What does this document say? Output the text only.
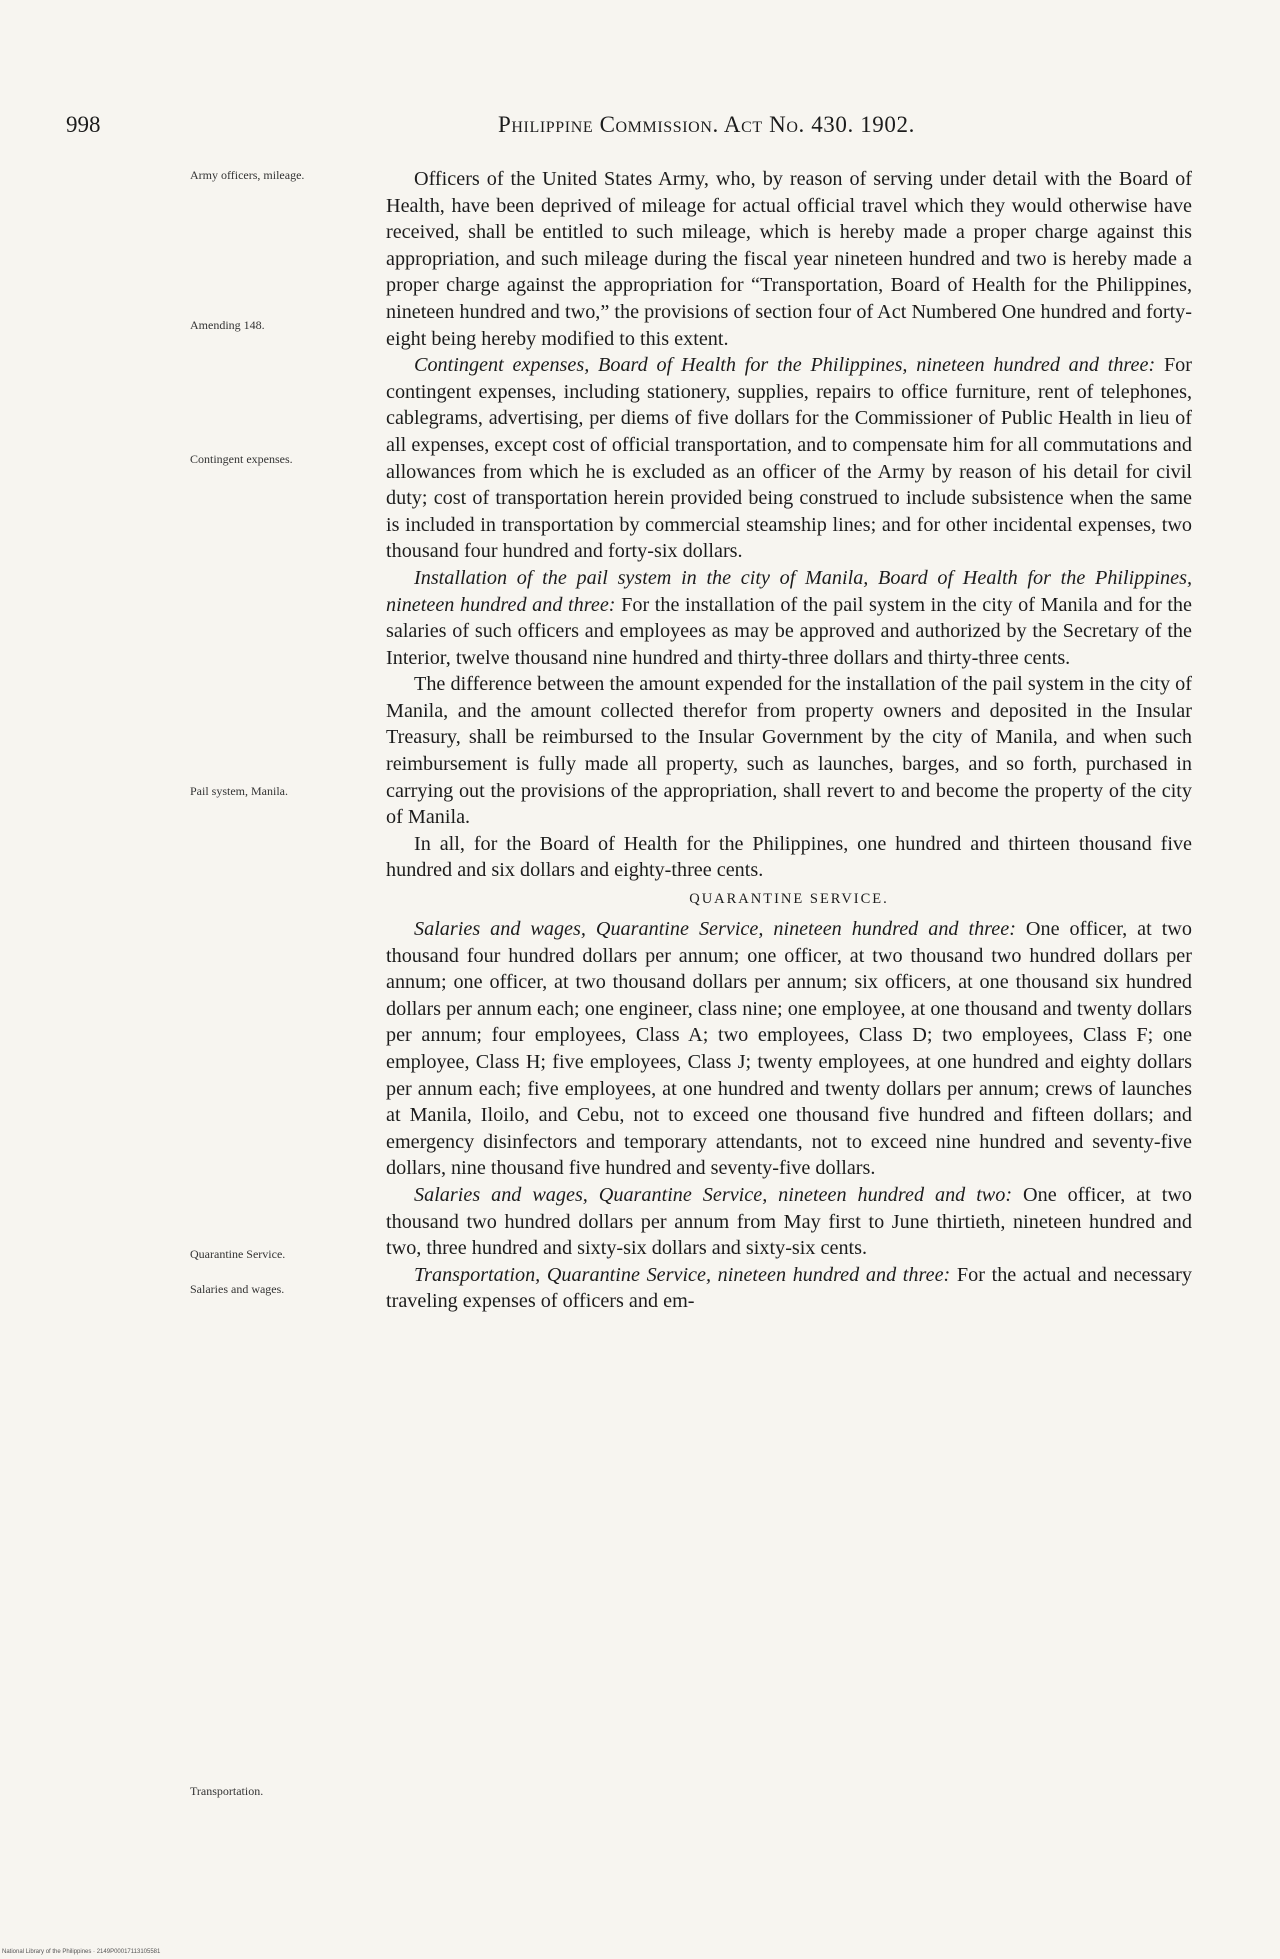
998	Philippine Commission. Act No. 430. 1902.
Army officers, mileage.
Amending 148.
Contingent expenses.
Pail system, Manila.
Quarantine Service.
Salaries and wages.
Transportation.

Officers of the United States Army, who, by reason of serving under detail with the Board of Health, have been deprived of mileage for actual official travel which they would otherwise have received, shall be entitled to such mileage, which is hereby made a proper charge against this appropriation, and such mileage during the fiscal year nineteen hundred and two is hereby made a proper charge against the appropriation for “Transportation, Board of Health for the Philippines, nineteen hundred and two,” the provisions of section four of Act Numbered One hundred and forty-eight being hereby modified to this extent.

Contingent expenses, Board of Health for the Philippines, nineteen hundred and three: For contingent expenses, including stationery, supplies, repairs to office furniture, rent of telephones, cablegrams, advertising, per diems of five dollars for the Commissioner of Public Health in lieu of all expenses, except cost of official transportation, and to compensate him for all commutations and allowances from which he is excluded as an officer of the Army by reason of his detail for civil duty; cost of transportation herein provided being construed to include subsistence when the same is included in transportation by commercial steamship lines; and for other incidental expenses, two thousand four hundred and forty-six dollars.

Installation of the pail system in the city of Manila, Board of Health for the Philippines, nineteen hundred and three: For the installation of the pail system in the city of Manila and for the salaries of such officers and employees as may be approved and authorized by the Secretary of the Interior, twelve thousand nine hundred and thirty-three dollars and thirty-three cents.

The difference between the amount expended for the installation of the pail system in the city of Manila, and the amount collected therefor from property owners and deposited in the Insular Treasury, shall be reimbursed to the Insular Government by the city of Manila, and when such reimbursement is fully made all property, such as launches, barges, and so forth, purchased in carrying out the provisions of the appropriation, shall revert to and become the property of the city of Manila.

In all, for the Board of Health for the Philippines, one hundred and thirteen thousand five hundred and six dollars and eighty-three cents.

QUARANTINE SERVICE.

Salaries and wages, Quarantine Service, nineteen hundred and three: One officer, at two thousand four hundred dollars per annum; one officer, at two thousand two hundred dollars per annum; one officer, at two thousand dollars per annum; six officers, at one thousand six hundred dollars per annum each; one engineer, class nine; one employee, at one thousand and twenty dollars per annum; four employees, Class A; two employees, Class D; two employees, Class F; one employee, Class H; five employees, Class J; twenty employees, at one hundred and eighty dollars per annum each; five employees, at one hundred and twenty dollars per annum; crews of launches at Manila, Iloilo, and Cebu, not to exceed one thousand five hundred and fifteen dollars; and emergency disinfectors and temporary attendants, not to exceed nine hundred and seventy-five dollars, nine thousand five hundred and seventy-five dollars.

Salaries and wages, Quarantine Service, nineteen hundred and two: One officer, at two thousand two hundred dollars per annum from May first to June thirtieth, nineteen hundred and two, three hundred and sixty-six dollars and sixty-six cents.

Transportation, Quarantine Service, nineteen hundred and three: For the actual and necessary traveling expenses of officers and em-

National Library of the Philippines · 2149P00017113105581
